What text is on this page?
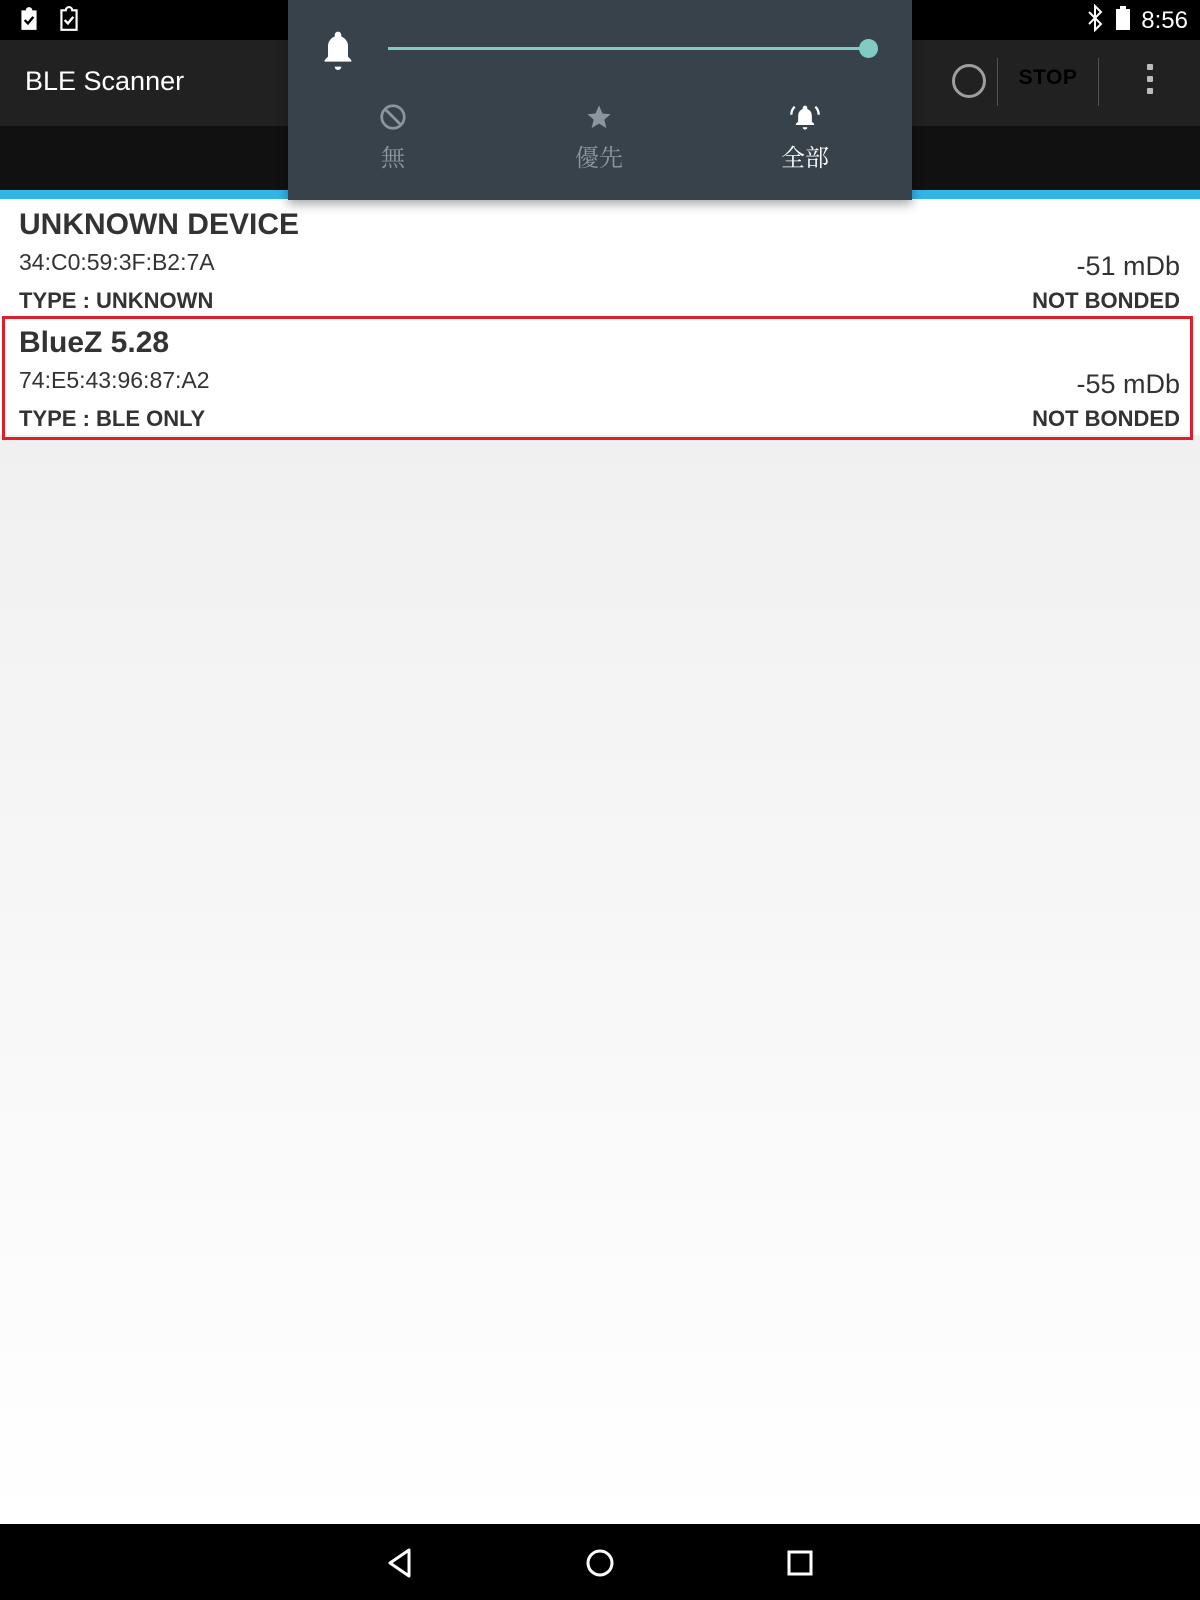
8:56
BLE Scanner	STOP
UNKNOWN DEVICE
34:C0:59:3F:B2:7A
TYPE : UNKNOWN
-51 mDb
NOT BONDED
BlueZ 5.28
74:E5:43:96:87:A2
TYPE : BLE ONLY
-55 mDb
NOT BONDED
無	優先	全部
